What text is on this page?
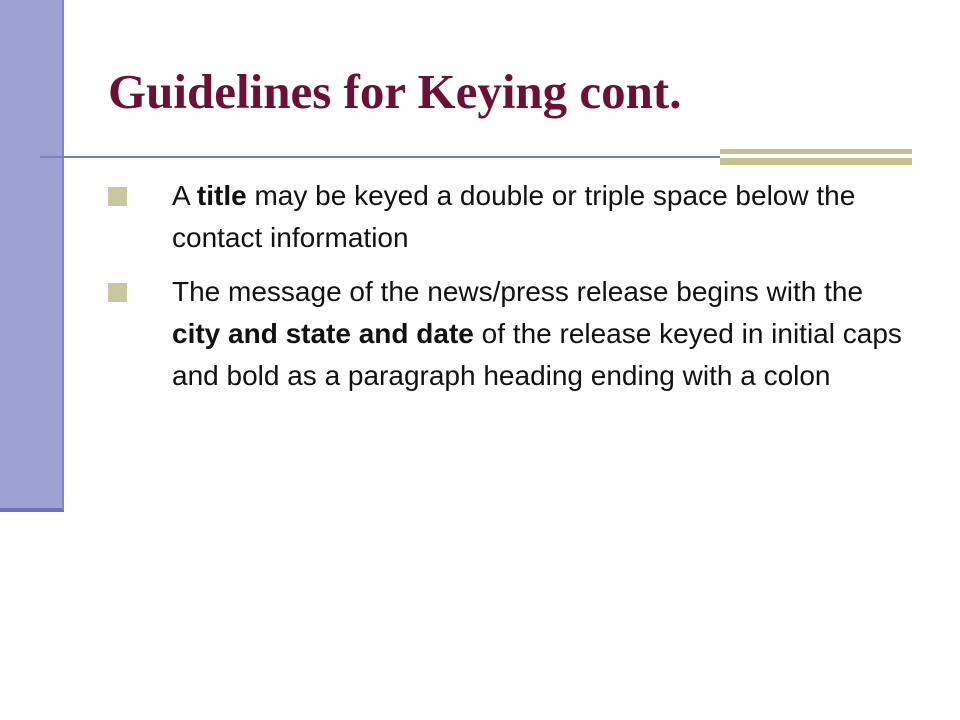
Guidelines for Keying cont.
A title may be keyed a double or triple space below the contact information
The message of the news/press release begins with the city and state and date of the release keyed in initial caps and bold as a paragraph heading ending with a colon
